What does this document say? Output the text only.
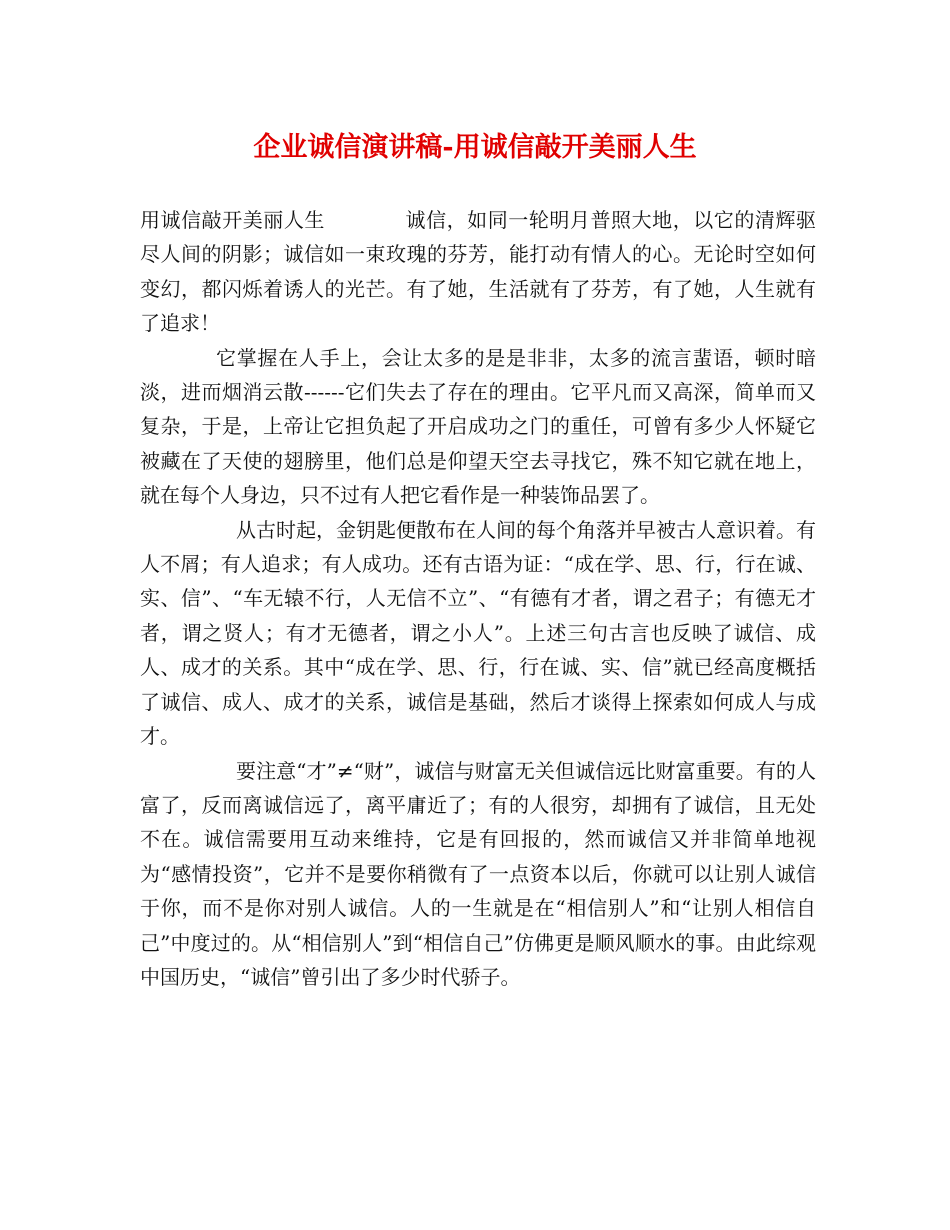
企业诚信演讲稿-用诚信敲开美丽人生

用诚信敲开美丽人生	诚信，如同一轮明月普照大地，以它的清辉驱尽人间的阴影；诚信如一束玫瑰的芬芳，能打动有情人的心。无论时空如何变幻，都闪烁着诱人的光芒。有了她，生活就有了芬芳，有了她，人生就有了追求！

它掌握在人手上，会让太多的是是非非，太多的流言蜚语，顿时暗淡，进而烟消云散------它们失去了存在的理由。它平凡而又高深，简单而又复杂，于是，上帝让它担负起了开启成功之门的重任，可曾有多少人怀疑它被藏在了天使的翅膀里，他们总是仰望天空去寻找它，殊不知它就在地上，就在每个人身边，只不过有人把它看作是一种装饰品罢了。

从古时起，金钥匙便散布在人间的每个角落并早被古人意识着。有人不屑；有人追求；有人成功。还有古语为证：“成在学、思、行，行在诚、实、信”、“车无辕不行，人无信不立”、“有德有才者，谓之君子；有德无才者，谓之贤人；有才无德者，谓之小人”。上述三句古言也反映了诚信、成人、成才的关系。其中“成在学、思、行，行在诚、实、信”就已经高度概括了诚信、成人、成才的关系，诚信是基础，然后才谈得上探索如何成人与成才。

要注意“才”≠“财”，诚信与财富无关但诚信远比财富重要。有的人富了，反而离诚信远了，离平庸近了；有的人很穷，却拥有了诚信，且无处不在。诚信需要用互动来维持，它是有回报的，然而诚信又并非简单地视为“感情投资”，它并不是要你稍微有了一点资本以后，你就可以让别人诚信于你，而不是你对别人诚信。人的一生就是在“相信别人”和“让别人相信自己”中度过的。从“相信别人”到“相信自己”仿佛更是顺风顺水的事。由此综观中国历史，“诚信”曾引出了多少时代骄子。
